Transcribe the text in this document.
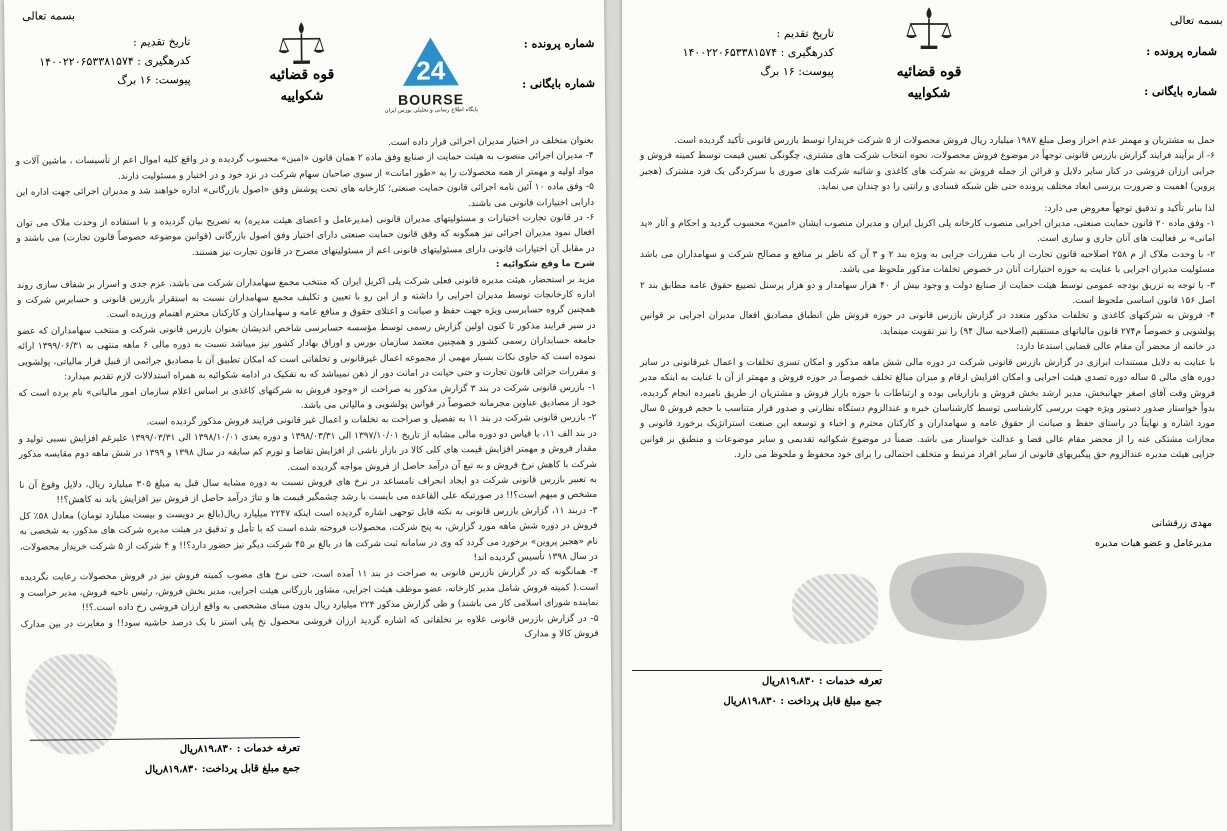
بسمه تعالی
تاریخ تقدیم :
کدرهگیری : ۱۴۰۰۲۲۰۶۵۳۳۸۱۵۷۴
پیوست: ۱۶ برگ	قوه قضائیه
شکواییه
24
BOURSE
پایگاه اطلاع رسانی و تحلیلی بورس ایران
شماره پرونده :
شماره بایگانی :

بعنوان متخلف در اختیار مدیران اجرائی قرار داده است.

۴- مدیران اجرائی منصوب به هیئت حمایت از صنایع وفق ماده ۲ همان قانون «امین» محسوب گردیده و در واقع کلیه اموال اعم از تأسیسات ، ماشین آلات و مواد اولیه و مهمتر از همه محصولات را به «طور امانت» از سوی صاحبان سهام شرکت در نزد خود و در اختیار و مسئولیت دارند.

۵- وفق ماده ۱۰ آئین نامه اجرائی قانون حمایت صنعتی؛ کارخانه های تحت پوشش وفق «اصول بازرگانی» اداره خواهند شد و مدیران اجرائی جهت اداره این دارایی اختیارات قانونی می باشند.

۶- در قانون تجارت اختیارات و مسئولیتهای مدیران قانونی (مدیرعامل و اعضای هیئت مدیره) به تصریح بیان گردیده و با استفاده از وحدت ملاک می توان افعال نمود مدیران اجرائی نیز همگونه که وفق قانون حمایت صنعتی دارای اختیار وفق اصول بازرگانی (قوانین موضوعه خصوصاً قانون تجارت) می باشند و در مقابل آن اختیارات قانونی دارای مسئولیتهای قانونی اعم از مسئولیتهای مصرح در قانون تجارت نیز هستند.

شرح ما وقع شکوائیه :

مزید بر استحضار، هیئت مدیره قانونی فعلی شرکت پلی اکریل ایران که منتخب مجمع سهامداران شرکت می باشد، عزم جدی و اسرار بر شفاف سازی روند اداره کارخانجات توسط مدیران اجرایی را داشته و از این رو با تعیین و تکلیف مجمع سهامداران نسبت به استقرار بازرس قانونی و حسابرس شرکت و همچنین گروه حسابرسی ویژه جهت حفظ و صیانت و اعتلای حقوق و منافع عامه و سهامداران و کارکنان محترم اهتمام ورزیده است.

در سیر فرایند مذکور تا کنون اولین گزارش رسمی توسط مؤسسه حسابرسی شاخص اندیشان بعنوان بازرس قانونی شرکت و منتخب سهامداران که عضو جامعه حسابداران رسمی کشور و همچنین معتمد سازمان بورس و اوراق بهادار کشور نیز میباشد نسبت به دوره مالی ۶ ماهه منتهی به ۱۳۹۹/۰۶/۳۱ ارائه نموده است که حاوی نکات بسیار مهمی از مجموعه اعمال غیرقانونی و تخلفاتی است که امکان تطبیق آن با مصادیق جرائمی از قبیل فرار مالیاتی، پولشویی و مقررات جزائی قانون تجارت و حتی خیانت در امانت دور از ذهن نمیباشد که به تفکیک در ادامه شکوائیه به همراه استدلالات لازم تقدیم میدارد:

۱- بازرس قانونی شرکت در بند ۳ گزارش مذکور به صراحت از «وجود فروش به شرکتهای کاغذی بر اساس اعلام سازمان امور مالیاتی» نام برده است که خود از مصادیق عناوین مجرمانه خصوصاً در قوانین پولشویی و مالیاتی می باشد.

۲- بازرس قانونی شرکت در بند ۱۱ به تفصیل و صراحت به تخلفات و اعمال غیر قانونی فرایند فروش مذکور گردیده است.

در بند الف ۱۱، با قیاس دو دوره مالی مشابه از تاریخ ۱۳۹۷/۱۰/۰۱ الی ۱۳۹۸/۰۳/۳۱ و دوره بعدی ۱۳۹۸/۱۰/۰۱ الی ۱۳۹۹/۰۳/۳۱ علیرغم افزایش نسبی تولید و مقدار فروش و مهمتر افزایش قیمت های کلی کالا در بازار ناشی از افزایش تقاضا و تورم کم سابقه در سال ۱۳۹۸ و ۱۳۹۹ در شش ماهه دوم مقایسه مذکور شرکت با کاهش نرخ فروش و به تبع آن درآمد حاصل از فروش مواجه گردیده است.

به تعبیر بازرس قانونی شرکت دو ایجاد انحراف نامساعد در نرخ های فروش نسبت به دوره مشابه سال قبل به مبلغ ۳۰۵ میلیارد ریال، دلایل وقوع آن نا مشخص و مبهم است؟!! در صورتیکه علی القاعده می بایست با رشد چشمگیر قیمت ها و تناژ درآمد حاصل از فروش نیز افزایش یابد نه کاهش؟!!

۳- دربند ۱۱، گزارش بازرس قانونی به نکته قابل توجهی اشاره گردیده است اینکه ۲۲۴۷ میلیارد ریال(بالغ بر دویست و بیست میلیارد تومان) معادل ۵۸٪ کل فروش در دوره شش ماهه مورد گزارش، به پنج شرکت، محصولات فروخته شده است که با تأمل و تدقیق در هیئت مدیره شرکت های مذکور، به شخصی به نام «هجیر پروین» برخورد می گردد که وی در سامانه ثبت شرکت ها در بالغ بر ۴۵ شرکت دیگر نیز حضور دارد؟!! و ۴ شرکت از ۵ شرکت خریدار محصولات، در سال ۱۳۹۸ تأسیس گردیده اند!

۴- همانگونه که در گزارش بازرس قانونی به صراحت در بند ۱۱ آمده است، حتی نرخ های مصوب کمیته فروش نیز در فروش محصولات رعایت نگردیده است.( کمیته فروش شامل مدیر کارخانه، عضو موظف هیئت اجرایی، مشاور بازرگانی هیئت اجرایی، مدیر بخش فروش، رئیس ناحیه فروش، مدیر حراست و نماینده شورای اسلامی کار می باشند) و طی گزارش مذکور ۲۲۴ میلیارد ریال بدون مبنای مشخصی به واقع ارزان فروشی رخ داده است.؟!!

۵- در گزارش بازرس قانونی علاوه بر تخلفاتی که اشاره گردید ارزان فروشی محصول نخ پلی استر با یک درصد حاشیه سود!! و مغایرت در بین مدارک فروش کالا و مدارک

تعرفه خدمات : ۸۱۹،۸۳۰ریال
جمع مبلغ قابل پرداخت: ۸۱۹،۸۳۰ریال
بسمه تعالی
تاریخ تقدیم :
کدرهگیری : ۱۴۰۰۲۲۰۶۵۳۳۸۱۵۷۴
پیوست: ۱۶ برگ	قوه قضائیه
شکواییه
شماره پرونده :
شماره بایگانی :

حمل به مشتریان و مهمتر عدم احراز وصل مبلغ ۱۹۸۷ میلیارد ریال فروش محصولات از ۵ شرکت خریدارا توسط بازرس قانونی تأکید گردیده است.

۶- از برآیند فرایند گزارش بازرس قانونی توجهاً در موضوع فروش محصولات، نحوه انتخاب شرکت های مشتری، چگونگی تعیین قیمت توسط کمیته فروش و جرایی ارزان فروشی در کنار سایر دلایل و قرائن از جمله فروش به شرکت های کاغذی و شائبه شرکت های صوری با سرکردگی یک فرد مشترک (هجیر پروین) اهمیت و ضرورت بررسی ابعاد مختلف پرونده حتی ظن شبکه فسادی و رانتی را دو چندان می نماید.

لذا بنابر تأکید و تدقیق توجهاً معروض می دارد:

۱- وفق ماده ۲۰ قانون حمایت صنعتی، مدیران اجرایی منصوب کارخانه پلی اکریل ایران و مدیران منصوب ایشان «امین» محسوب گردید و احکام و آثار «ید امانی» بر فعالیت های آنان جاری و ساری است.

۲- با وحدت ملاک از م ۲۵۸ اصلاحیه قانون تجارت از باب مقررات جزایی به ویژه بند ۲ و ۳ آن که ناظر بر منافع و مصالح شرکت و سهامداران می باشد مسئولیت مدیران اجرایی با عنایت به حوزه اختیارات آنان در خصوص تخلفات مذکور ملحوظ می باشد.

۳- با توجه به تزریق بودجه عمومی توسط هیئت حمایت از صنایع دولت و وجود بیش از ۴۰ هزار سهامدار و دو هزار پرسنل تضییع حقوق عامه مطابق بند ۲ اصل ۱۵۶ قانون اساسی ملحوظ است.

۴- فروش به شرکتهای کاغذی و تخلفات مذکور متعدد در گزارش بازرس قانونی در حوزه فروش ظن انطباق مصادیق افعال مدیران اجرایی بر قوانین پولشویی و خصوصاً م۲۷۴ قانون مالیاتهای مستقیم (اصلاحیه سال ۹۴) را نیز تقویت مینماید.

در خاتمه از محضر آن مقام عالی قضایی استدعا دارد:

با عنایت به دلایل مستندات ابرازی در گزارش بازرس قانونی شرکت در دوره مالی شش ماهه مذکور و امکان تسری تخلفات و اعمال غیرقانونی در سایر دوره های مالی ۵ ساله دوره تصدی هیئت اجرایی و امکان افزایش ارقام و میزان مبالغ تخلف خصوصاً در حوزه فروش و مهمتر از آن با عنایت به اینکه مدیر فروش وقت آقای اصغر جهانبخش، مدیر ارشد بخش فروش و بازاریابی بوده و ارتباطات با حوزه بازار فروش و مشتریان از طریق نامبرده انجام گردیده، بدواً خواستار صدور دستور ویژه جهت بررسی کارشناسی توسط کارشناسان خبره و عندالزوم دستگاه نظارتی و صدور قرار متناسب با حجم فروش ۵ سال مورد اشاره و نهایتاً در راستای حفظ و صیانت از حقوق عامه و سهامداران و کارکنان محترم و احیاء و توسعه این صنعت استراتژیک برخورد قانونی و مجازات مشتکی عنه را از محضر مقام عالی قضا و عدالت خواستار می باشد. ضمناً در موضوع شکوائیه تقدیمی و سایر موضوعات و منطبق بر قوانین جزایی هیئت مدیره عندالزوم حق پیگیریهای قانونی از سایر افراد مرتبط و متخلف احتمالی را برای خود محفوظ و ملحوظ می دارد.

مهدی زرقشانی
مدیرعامل و عضو هیات مدیره
تعرفه خدمات : ۸۱۹،۸۳۰ریال
جمع مبلغ قابل پرداخت : ۸۱۹،۸۳۰ریال
